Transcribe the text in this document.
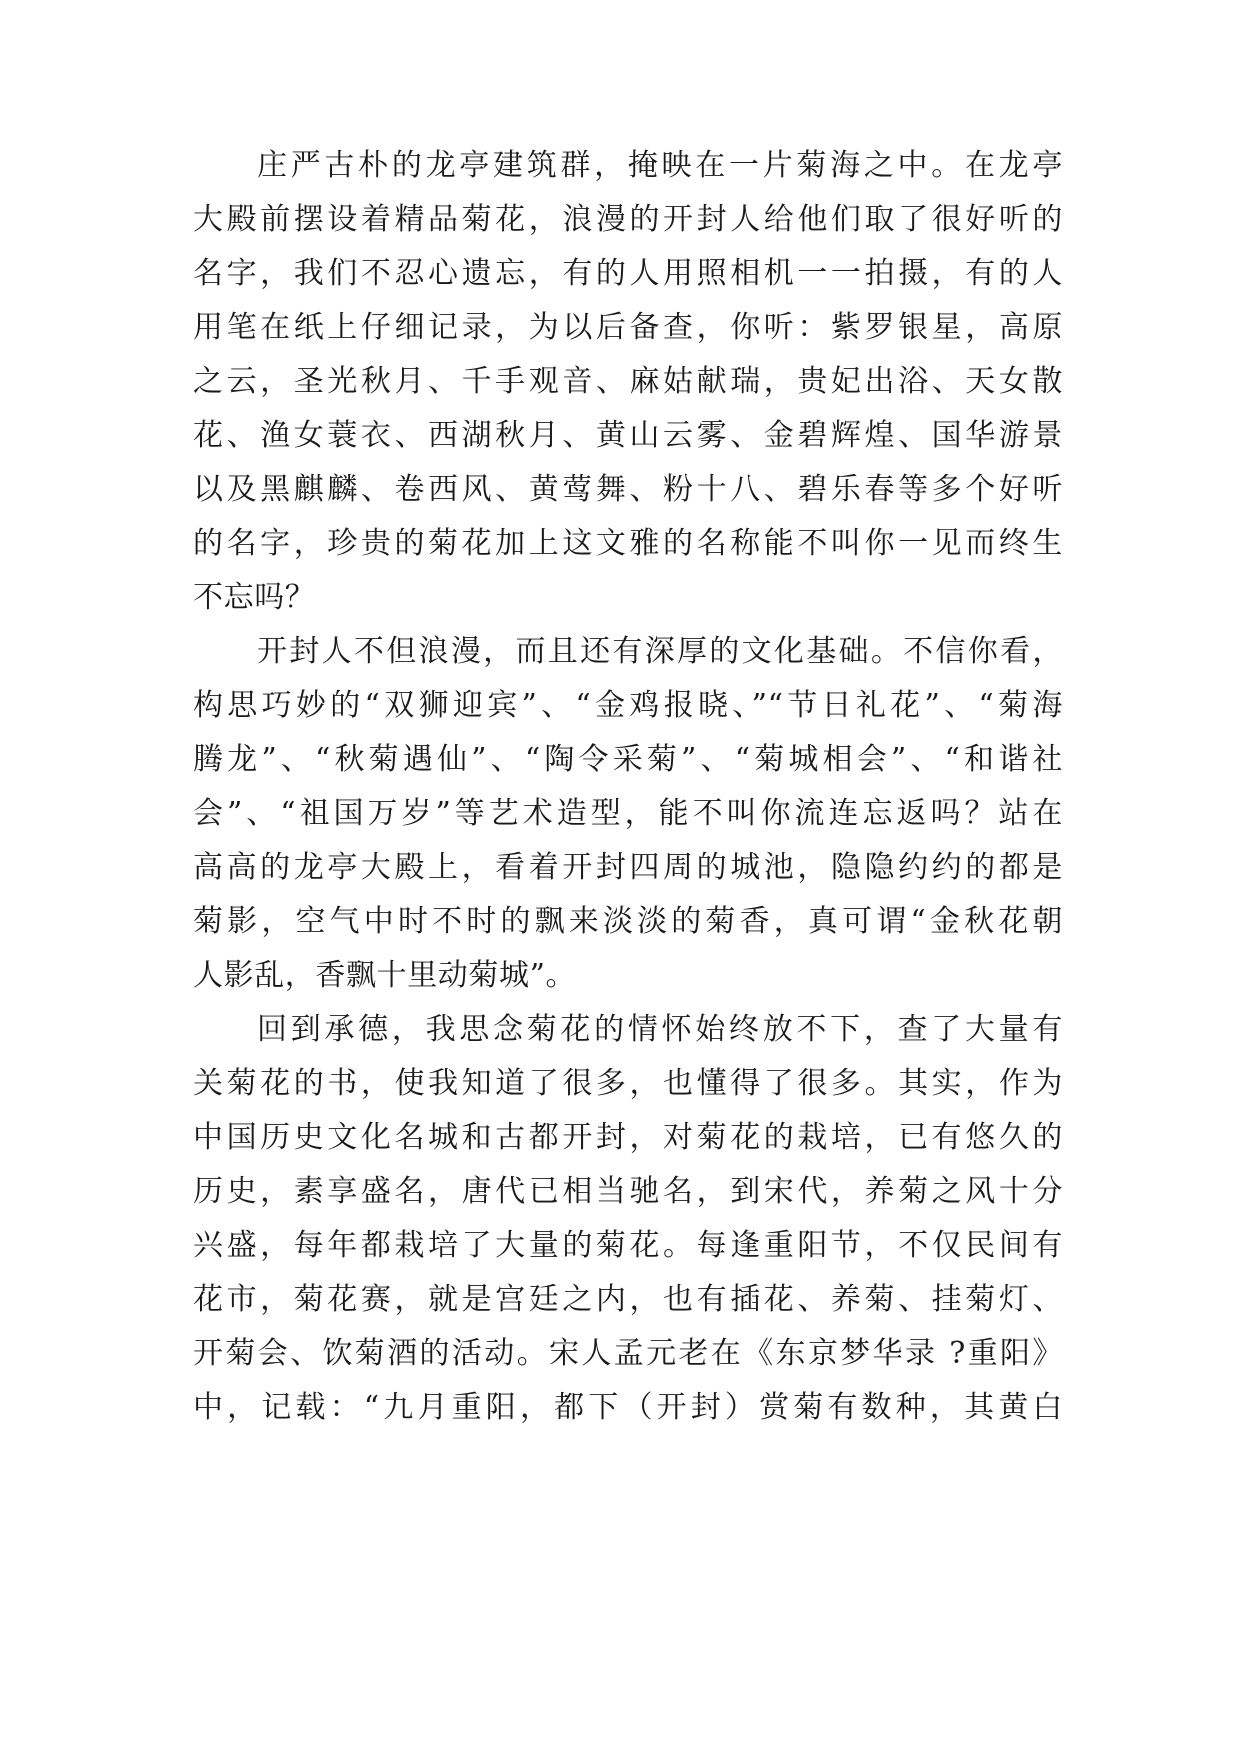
庄严古朴的龙亭建筑群，掩映在一片菊海之中。在龙亭
大殿前摆设着精品菊花，浪漫的开封人给他们取了很好听的
名字，我们不忍心遗忘，有的人用照相机一一拍摄，有的人
用笔在纸上仔细记录，为以后备查，你听：紫罗银星，高原
之云，圣光秋月、千手观音、麻姑献瑞，贵妃出浴、天女散
花、渔女蓑衣、西湖秋月、黄山云雾、金碧辉煌、国华游景
以及黑麒麟、卷西风、黄莺舞、粉十八、碧乐春等多个好听
的名字，珍贵的菊花加上这文雅的名称能不叫你一见而终生
不忘吗？
开封人不但浪漫，而且还有深厚的文化基础。不信你看，
构思巧妙的“双狮迎宾”、“金鸡报晓、”“节日礼花”、“菊海
腾龙”、“秋菊遇仙”、“陶令采菊”、“菊城相会”、“和谐社
会”、“祖国万岁”等艺术造型，能不叫你流连忘返吗？站在
高高的龙亭大殿上，看着开封四周的城池，隐隐约约的都是
菊影，空气中时不时的飘来淡淡的菊香，真可谓“金秋花朝
人影乱，香飘十里动菊城”。
回到承德，我思念菊花的情怀始终放不下，查了大量有
关菊花的书，使我知道了很多，也懂得了很多。其实，作为
中国历史文化名城和古都开封，对菊花的栽培，已有悠久的
历史，素享盛名，唐代已相当驰名，到宋代，养菊之风十分
兴盛，每年都栽培了大量的菊花。每逢重阳节，不仅民间有
花市，菊花赛，就是宫廷之内，也有插花、养菊、挂菊灯、
开菊会、饮菊酒的活动。宋人孟元老在《东京梦华录 ?重阳》
中，记载：“九月重阳，都下（开封）赏菊有数种，其黄白
